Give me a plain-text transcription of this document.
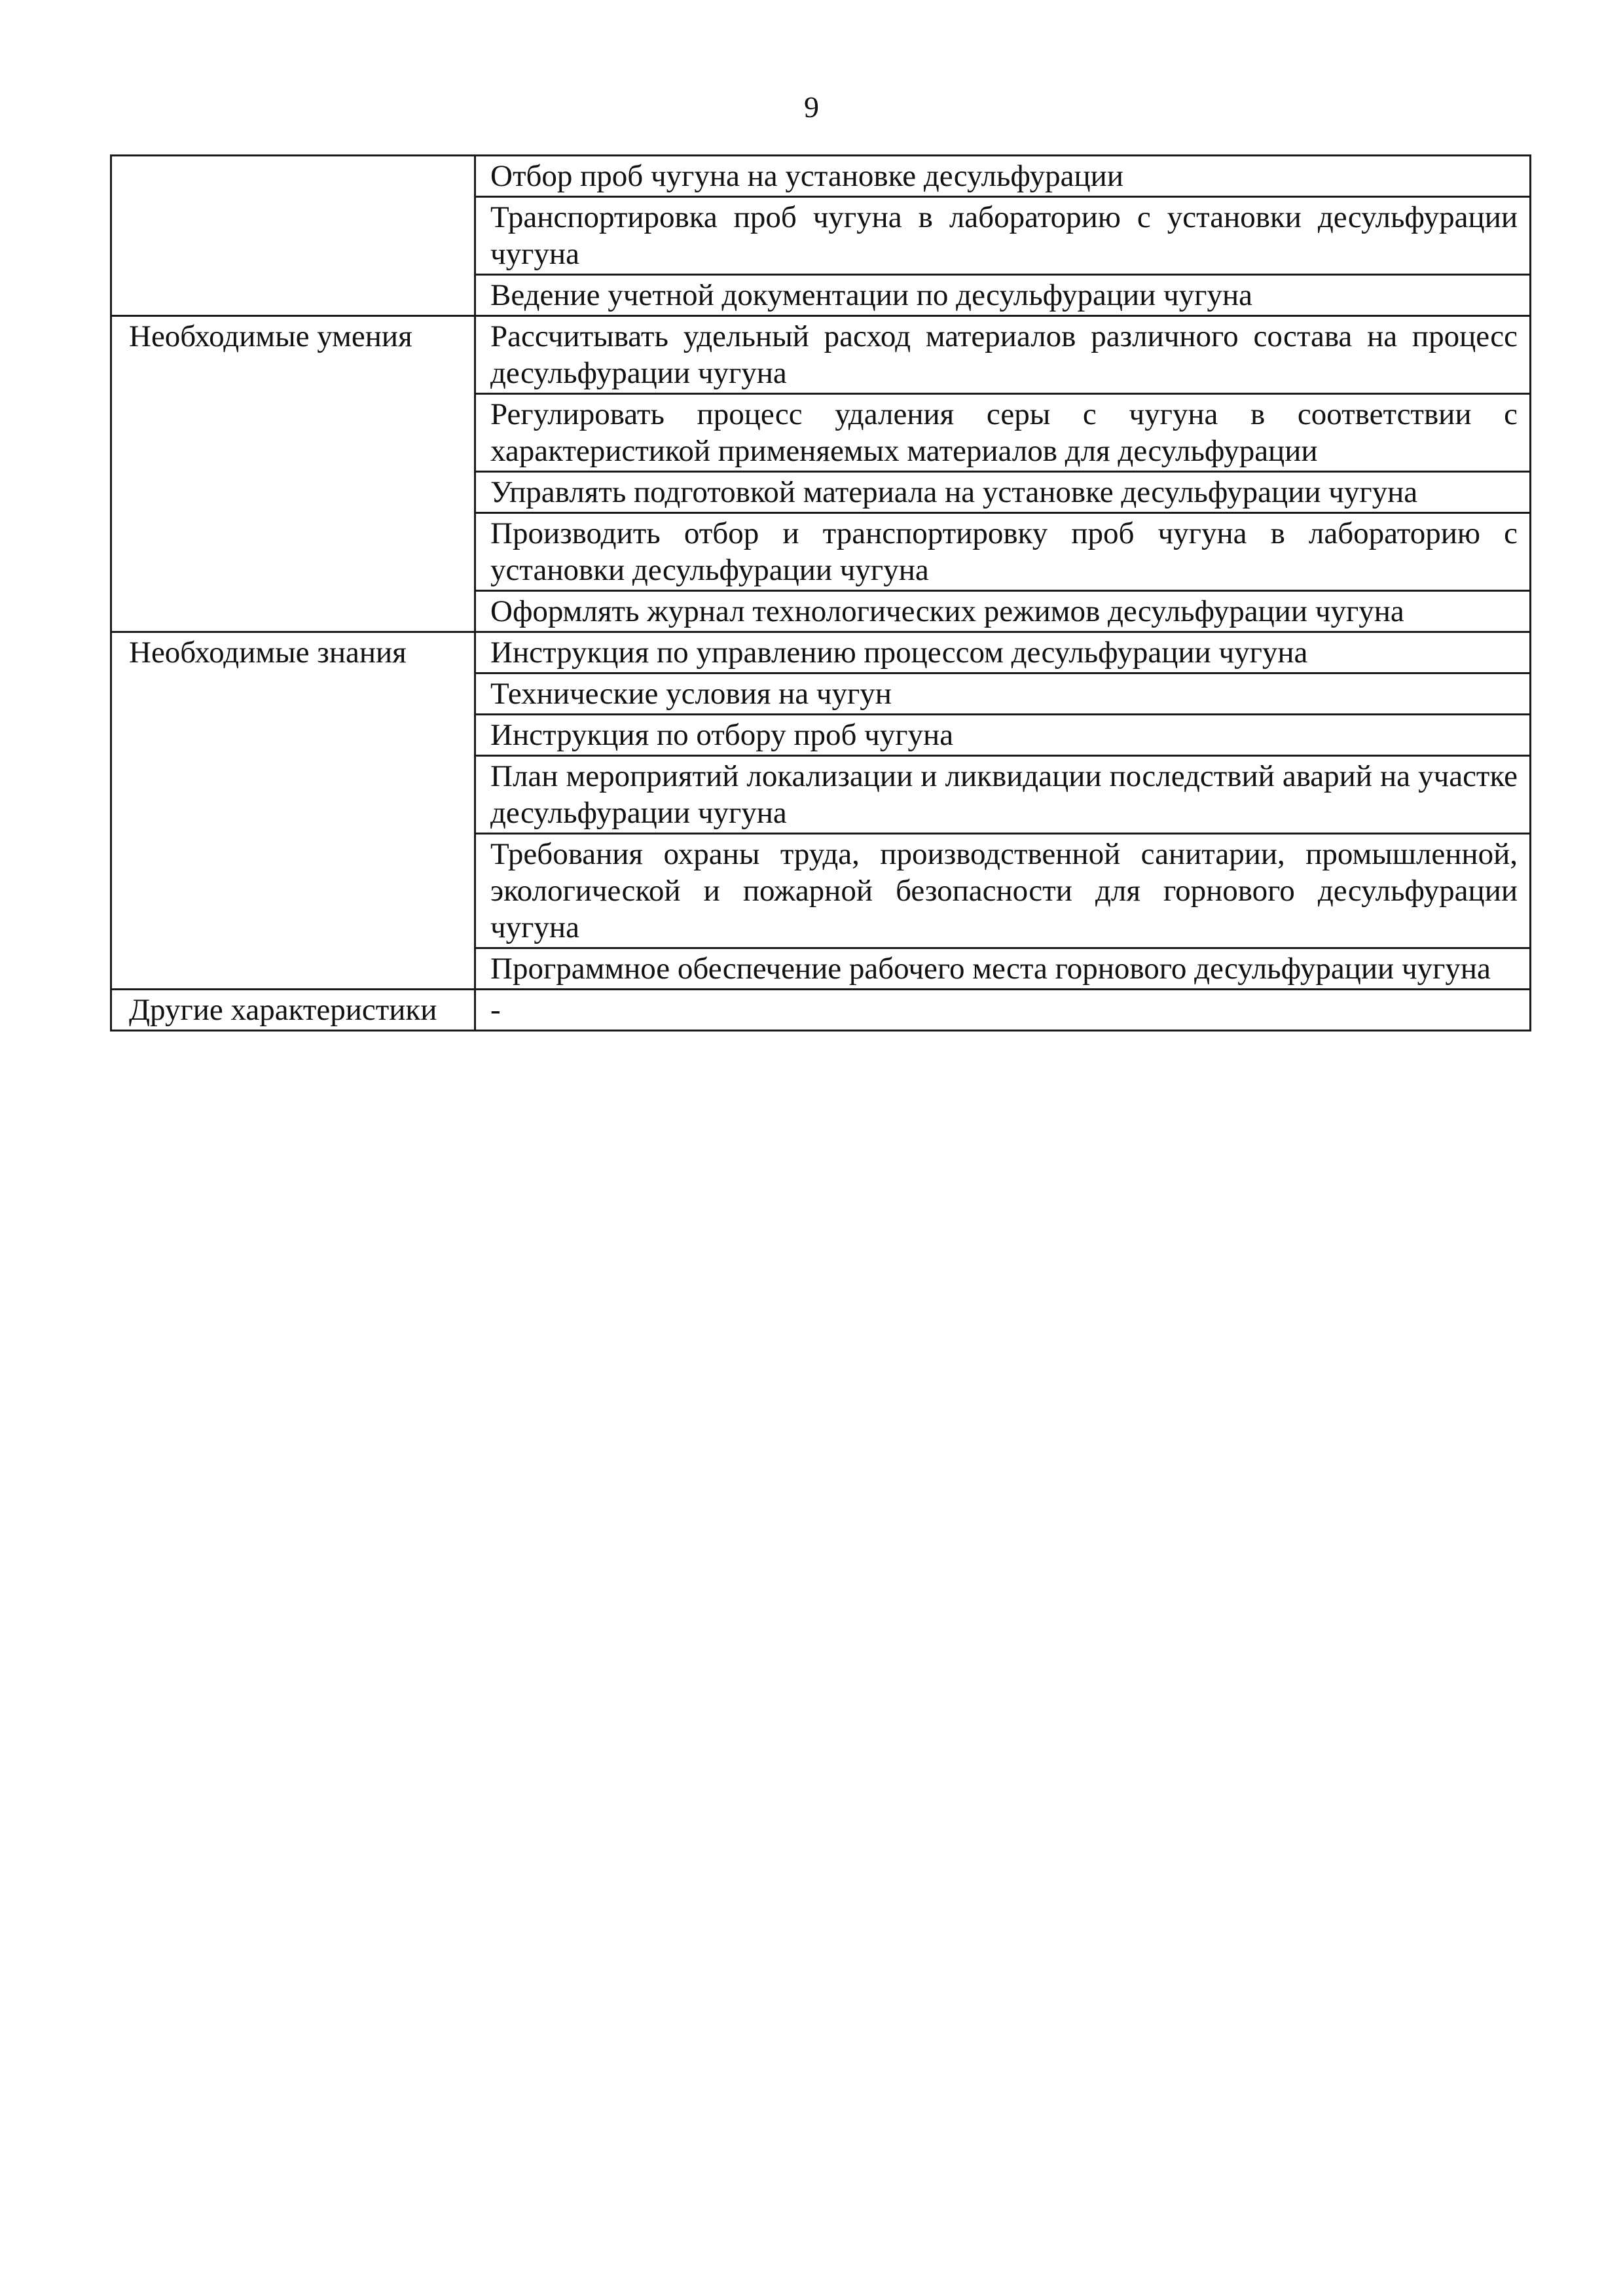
9
	Отбор проб чугуна на установке десульфурации
	Транспортировка проб чугуна в лабораторию с установки десульфурации чугуна
	Ведение учетной документации по десульфурации чугуна
Необходимые умения	Рассчитывать удельный расход материалов различного состава на процесс десульфурации чугуна
	Регулировать процесс удаления серы с чугуна в соответствии с характеристикой применяемых материалов для десульфурации
	Управлять подготовкой материала на установке десульфурации чугуна
	Производить отбор и транспортировку проб чугуна в лабораторию с установки десульфурации чугуна
	Оформлять журнал технологических режимов десульфурации чугуна
Необходимые знания	Инструкция по управлению процессом десульфурации чугуна
	Технические условия на чугун
	Инструкция по отбору проб чугуна
	План мероприятий локализации и ликвидации последствий аварий на участке десульфурации чугуна
	Требования охраны труда, производственной санитарии, промышленной, экологической и пожарной безопасности для горнового десульфурации чугуна
	Программное обеспечение рабочего места горнового десульфурации чугуна
Другие характеристики	-
